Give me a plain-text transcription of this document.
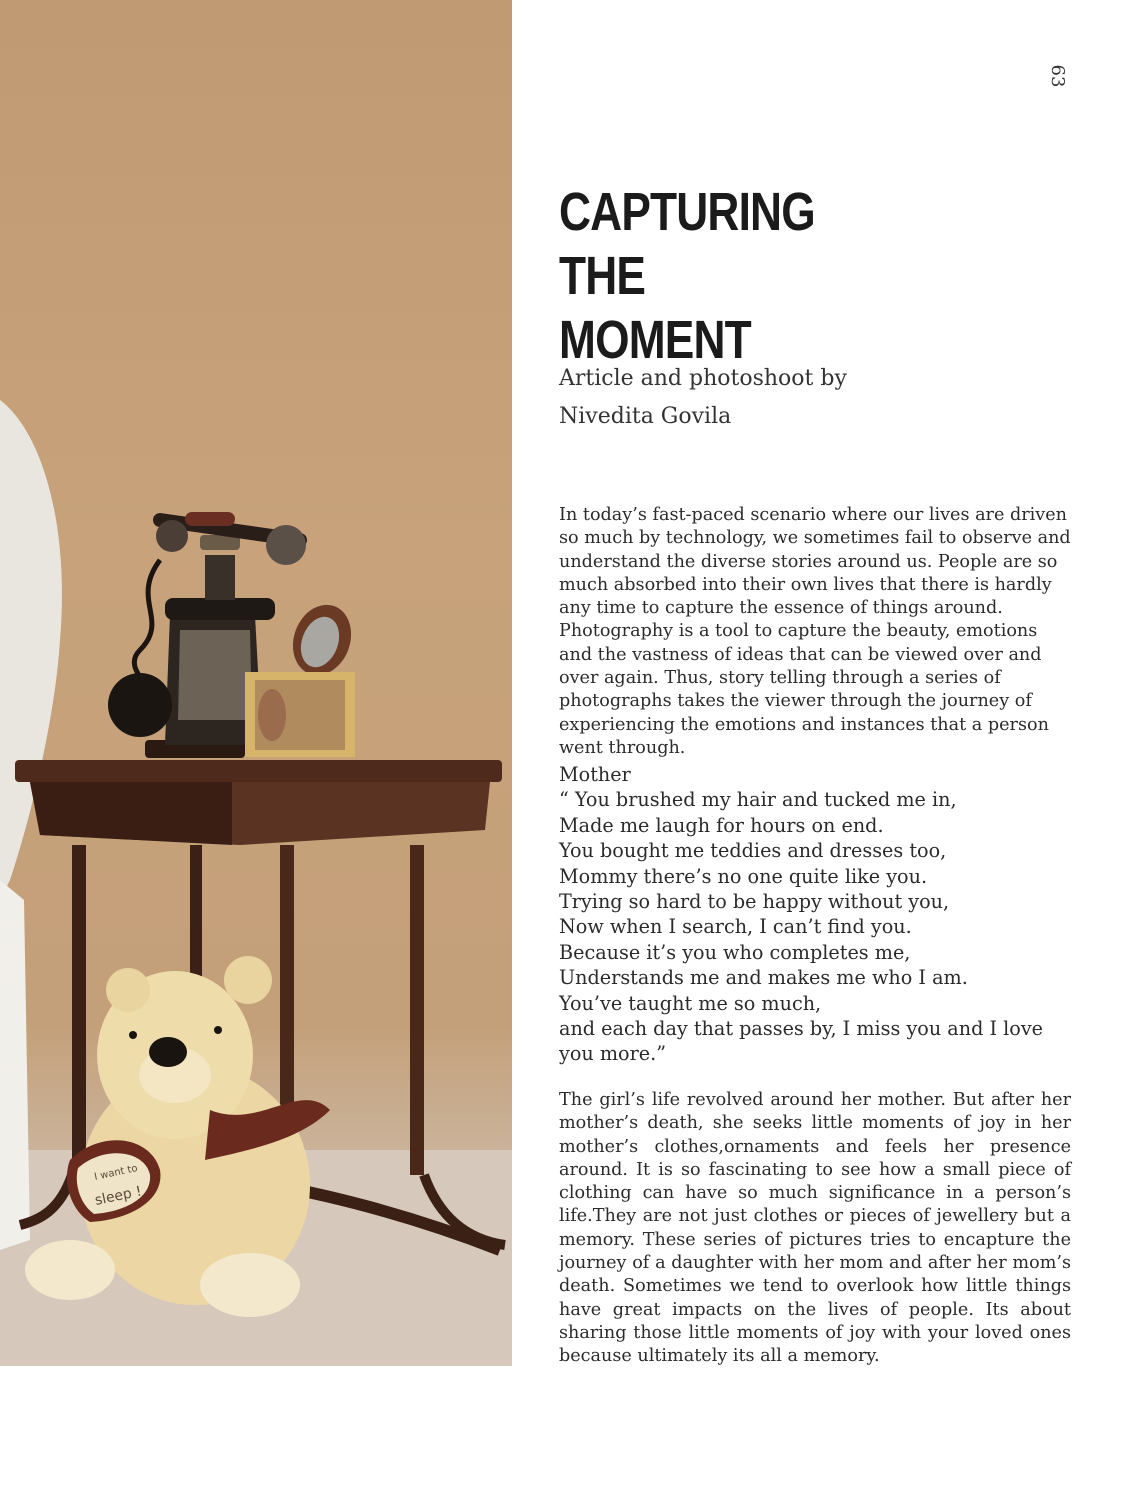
I want to
sleep !
63
CAPTURING
THE
MOMENT
Article and photoshoot by
Nivedita Govila

In today’s fast-paced scenario where our lives are driven so much by technology, we sometimes fail to observe and understand the diverse stories around us. People are so much absorbed into their own lives that there is hardly any time to capture the essence of things around.

Photography is a tool to capture the beauty, emotions and the vastness of ideas that can be viewed over and over again. Thus, story telling through a series of photographs takes the viewer through the journey of experiencing the emotions and instances that a person went through.

Mother
“ You brushed my hair and tucked me in,
Made me laugh for hours on end.
You bought me teddies and dresses too,
Mommy there’s no one quite like you.
Trying so hard to be happy without you,
Now when I search, I can’t find you.
Because it’s you who completes me,
Understands me and makes me who I am.
You’ve taught me so much,
and each day that passes by, I miss you and I love
you more.”

The girl’s life revolved around her mother. But after her mother’s death, she seeks little moments of joy in her mother’s clothes,ornaments and feels her presence around. It is so fascinating to see how a small piece of clothing can have so much significance in a person’s life.They are not just clothes or pieces of jewellery but a memory. These series of pictures tries to encapture the journey of a daughter with her mom and after her mom’s death. Sometimes we tend to overlook how little things have great impacts on the lives of people. Its about sharing those little moments of joy with your loved ones because ultimately its all a memory.
